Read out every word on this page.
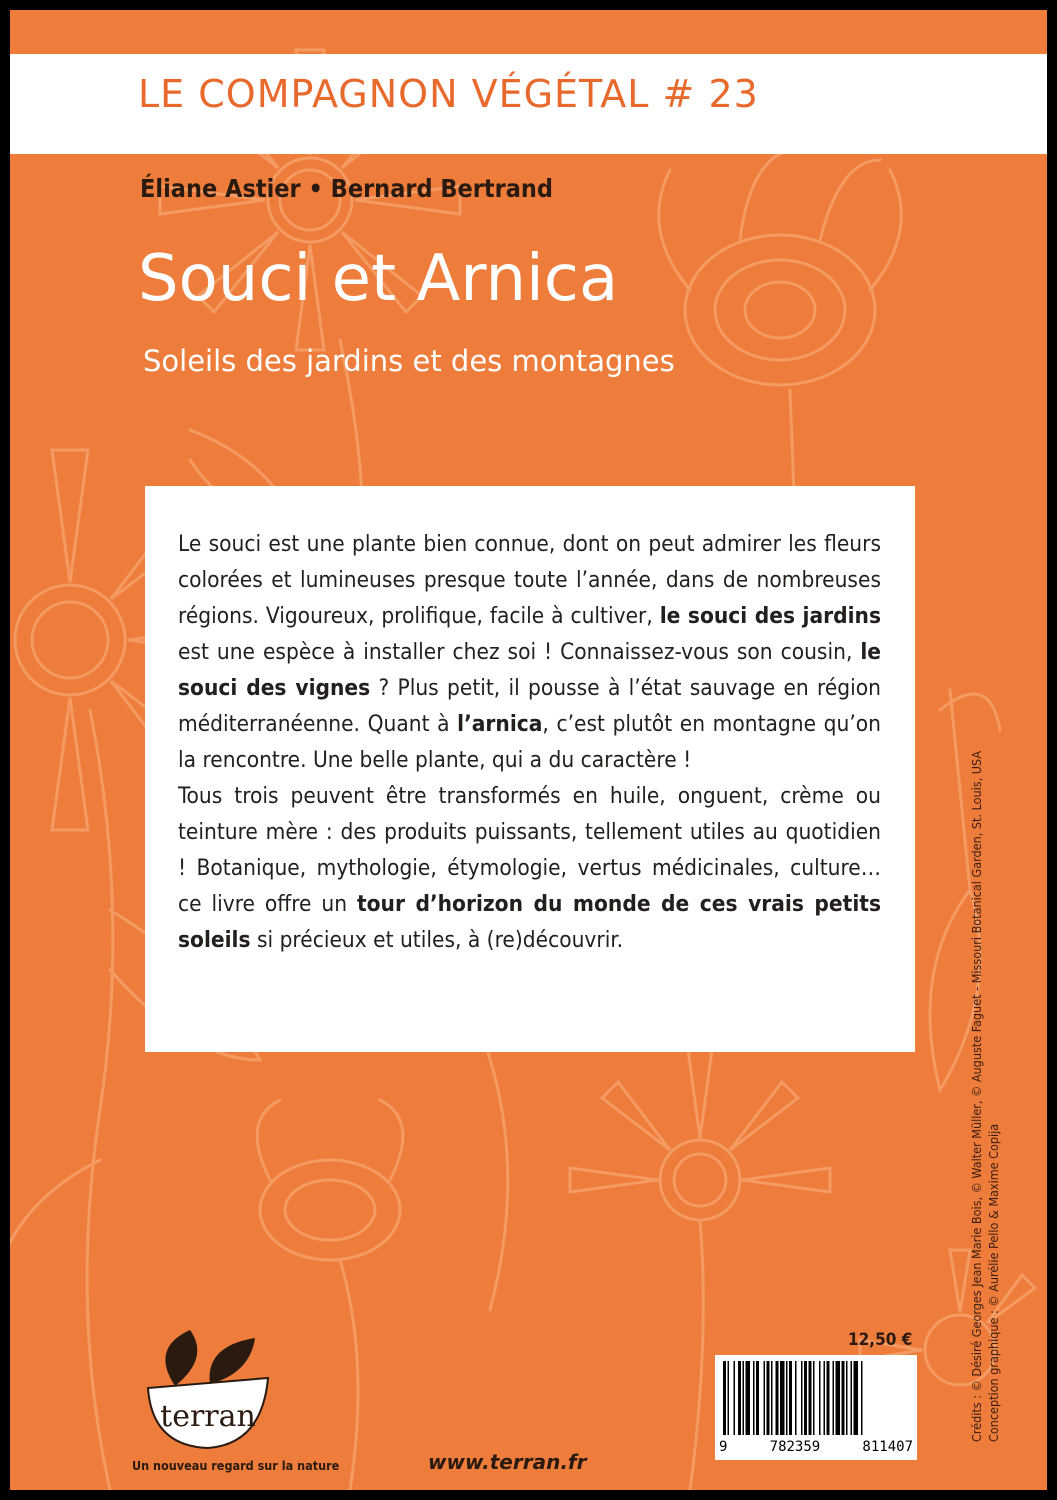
LE COMPAGNON VÉGÉTAL # 23
Éliane Astier • Bernard Bertrand
Souci et Arnica
Soleils des jardins et des montagnes

Le souci est une plante bien connue, dont on peut admirer les fleurs colorées et lumineuses presque toute l’année, dans de nombreuses régions. Vigoureux, prolifique, facile à cultiver, le souci des jardins est une espèce à installer chez soi ! Connaissez-vous son cousin, le souci des vignes ? Plus petit, il pousse à l’état sauvage en région méditerranéenne. Quant à l’arnica, c’est plutôt en montagne qu’on la rencontre. Une belle plante, qui a du caractère !

Tous trois peuvent être transformés en huile, onguent, crème ou teinture mère : des produits puissants, tellement utiles au quotidien ! Botanique, mythologie, étymologie, vertus médicinales, culture… ce livre offre un tour d’horizon du monde de ces vrais petits soleils si précieux et utiles, à (re)découvrir.	Crédits : © Désiré Georges Jean Marie Bois, © Walter Müller, © Auguste Faguet - Missouri Botanical Garden, St. Louis, USA Conception graphique : © Aurélie Pello & Maxime Copija
terran
Un nouveau regard sur la nature	www.terran.fr
12,50 €
9	782359	811407
